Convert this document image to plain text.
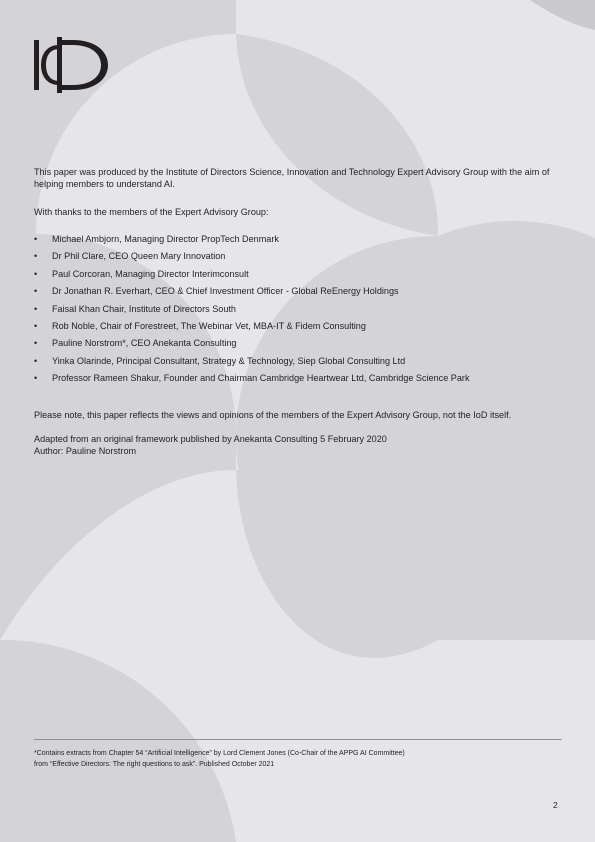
This paper was produced by the Institute of Directors Science, Innovation and Technology Expert Advisory Group with the aim of helping members to understand AI.

With thanks to the members of the Expert Advisory Group:

• Michael Ambjorn, Managing Director PropTech Denmark
• Dr Phil Clare, CEO Queen Mary Innovation
• Paul Corcoran, Managing Director Interimconsult
• Dr Jonathan R. Everhart, CEO & Chief Investment Officer - Global ReEnergy Holdings
• Faisal Khan Chair, Institute of Directors South
• Rob Noble, Chair of Forestreet, The Webinar Vet, MBA-IT & Fidem Consulting
• Pauline Norstrom*, CEO Anekanta Consulting
• Yinka Olarinde, Principal Consultant, Strategy & Technology, Siep Global Consulting Ltd
• Professor Rameen Shakur, Founder and Chairman Cambridge Heartwear Ltd, Cambridge Science Park

Please note, this paper reflects the views and opinions of the members of the Expert Advisory Group, not the IoD itself.

Adapted from an original framework published by Anekanta Consulting 5 February 2020

Author: Pauline Norstrom

*Contains extracts from Chapter 54 “Artificial Intelligence” by Lord Clement Jones (Co-Chair of the APPG AI Committee)

from “Effective Directors: The right questions to ask”. Published October 2021

2
